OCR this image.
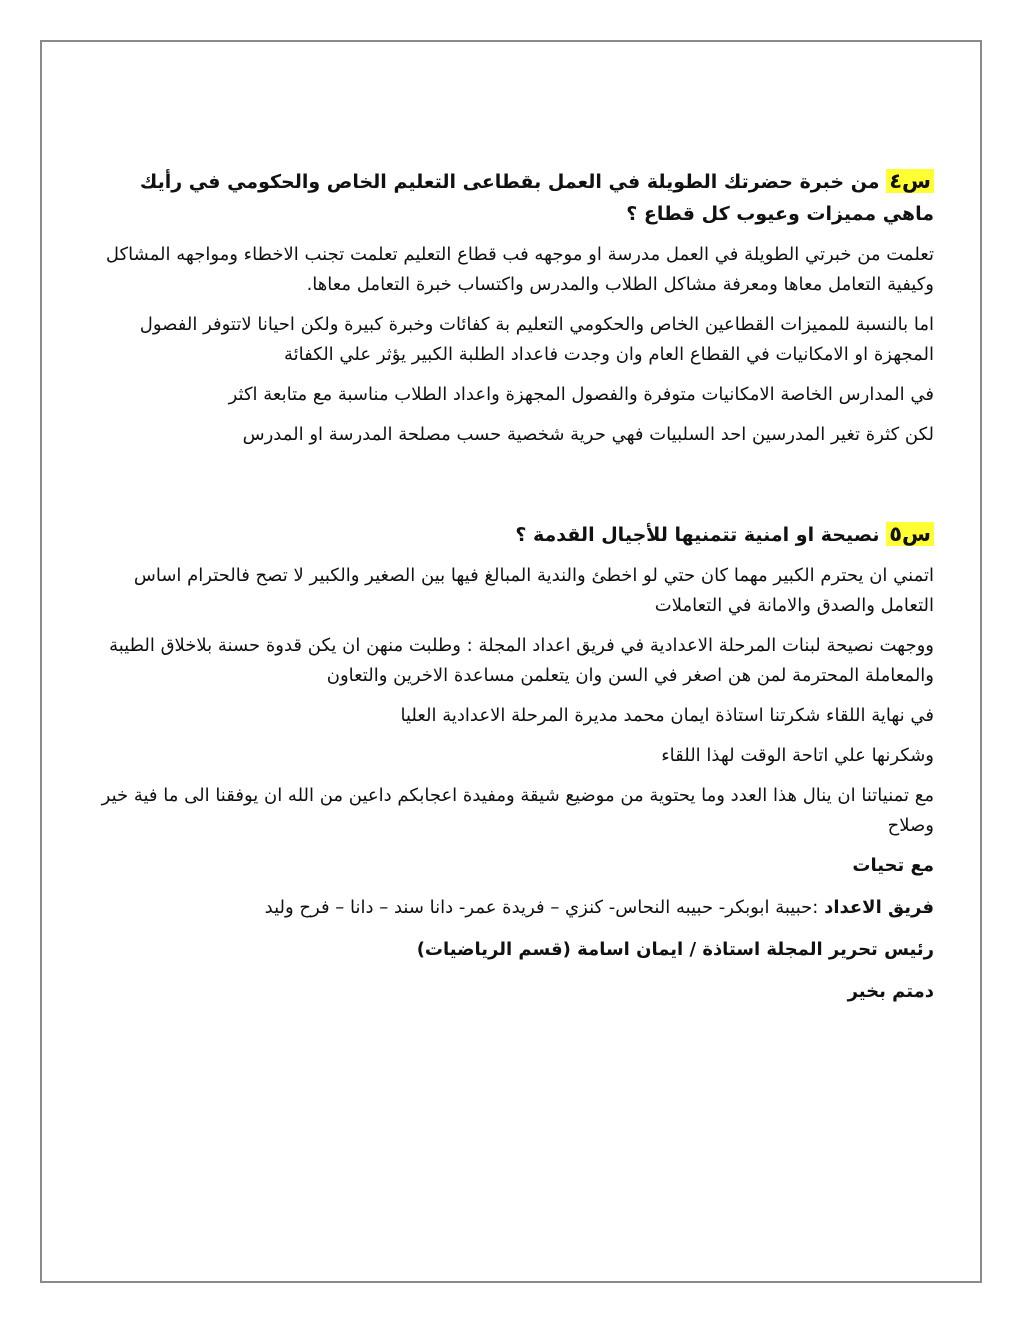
س٤ من خبرة حضرتك الطويلة في العمل بقطاعى التعليم الخاص والحكومي في رأيك ماهي مميزات وعيوب كل قطاع ؟

تعلمت من خبرتي الطويلة في العمل مدرسة او موجهه فب قطاع التعليم تعلمت تجنب الاخطاء ومواجهه المشاكل وكيفية التعامل معاها ومعرفة مشاكل الطلاب والمدرس واكتساب خبرة التعامل معاها.

اما بالنسبة للمميزات القطاعين الخاص والحكومي التعليم بة كفائات وخبرة كبيرة ولكن احيانا لاتتوفر الفصول المجهزة او الامكانيات في القطاع العام وان وجدت فاعداد الطلبة الكبير يؤثر علي الكفائة

في المدارس الخاصة الامكانيات متوفرة والفصول المجهزة واعداد الطلاب مناسبة مع متابعة اكثر

لكن كثرة تغير المدرسين احد السلبيات فهي حرية شخصية حسب مصلحة المدرسة او المدرس

س٥ نصيحة او امنية تتمنيها للأجيال القدمة ؟

اتمني ان يحترم الكبير مهما كان حتي لو اخطئ والندية المبالغ فيها بين الصغير والكبير لا تصح فالحترام اساس التعامل والصدق والامانة في التعاملات

ووجهت نصيحة لبنات المرحلة الاعدادية في فريق اعداد المجلة : وطلبت منهن ان يكن قدوة حسنة بلاخلاق الطيبة والمعاملة المحترمة لمن هن اصغر في السن وان يتعلمن مساعدة الاخرين والتعاون

في نهاية اللقاء شكرتنا استاذة ايمان محمد مديرة المرحلة الاعدادية العليا

وشكرنها علي اتاحة الوقت لهذا اللقاء

مع تمنياتنا ان ينال هذا العدد وما يحتوية من موضيع شيقة ومفيدة اعجابكم داعين من الله ان يوفقنا الى ما فية خير وصلاح

مع تحيات

فريق الاعداد :حبيبة ابوبكر- حبيبه النحاس- كنزي – فريدة عمر- دانا سند – دانا – فرح وليد

رئيس تحرير المجلة استاذة / ايمان اسامة (قسم الرياضيات)

دمتم بخير
